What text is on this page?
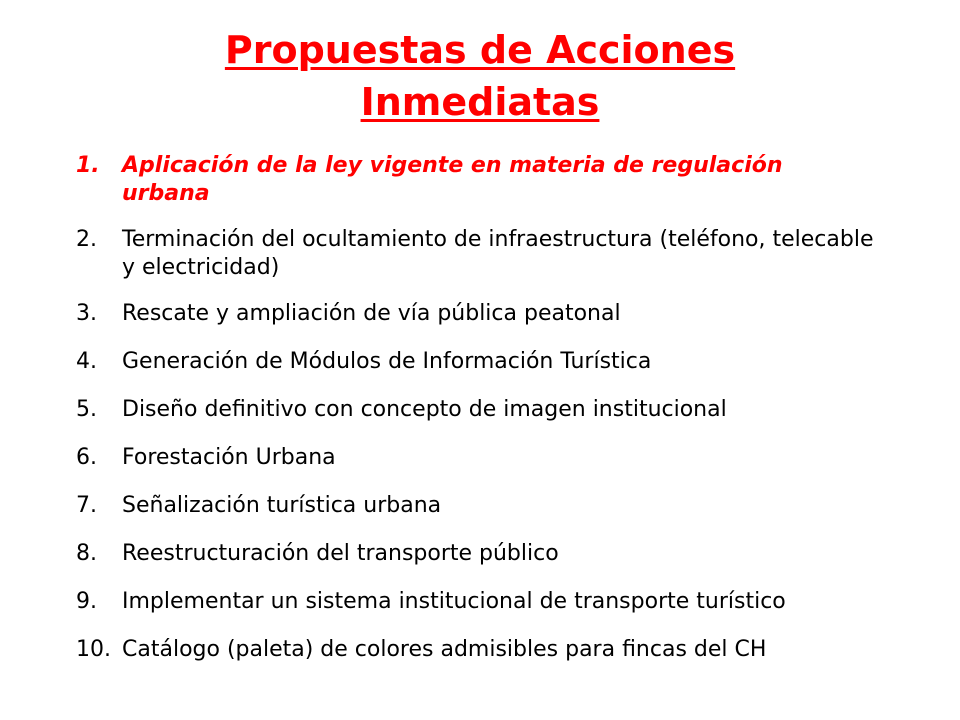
Propuestas de Acciones
Inmediatas
1.	Aplicación de la ley vigente en materia de regulación urbana
2.	Terminación del ocultamiento de infraestructura (teléfono, telecable y electricidad)
3.	Rescate y ampliación de vía pública peatonal
4.	Generación de Módulos de Información Turística
5.	Diseño definitivo con concepto de imagen institucional
6.	Forestación Urbana
7.	Señalización turística urbana
8.	Reestructuración del transporte público
9.	Implementar un sistema institucional de transporte turístico
10. Catálogo (paleta) de colores admisibles para fincas del CH
